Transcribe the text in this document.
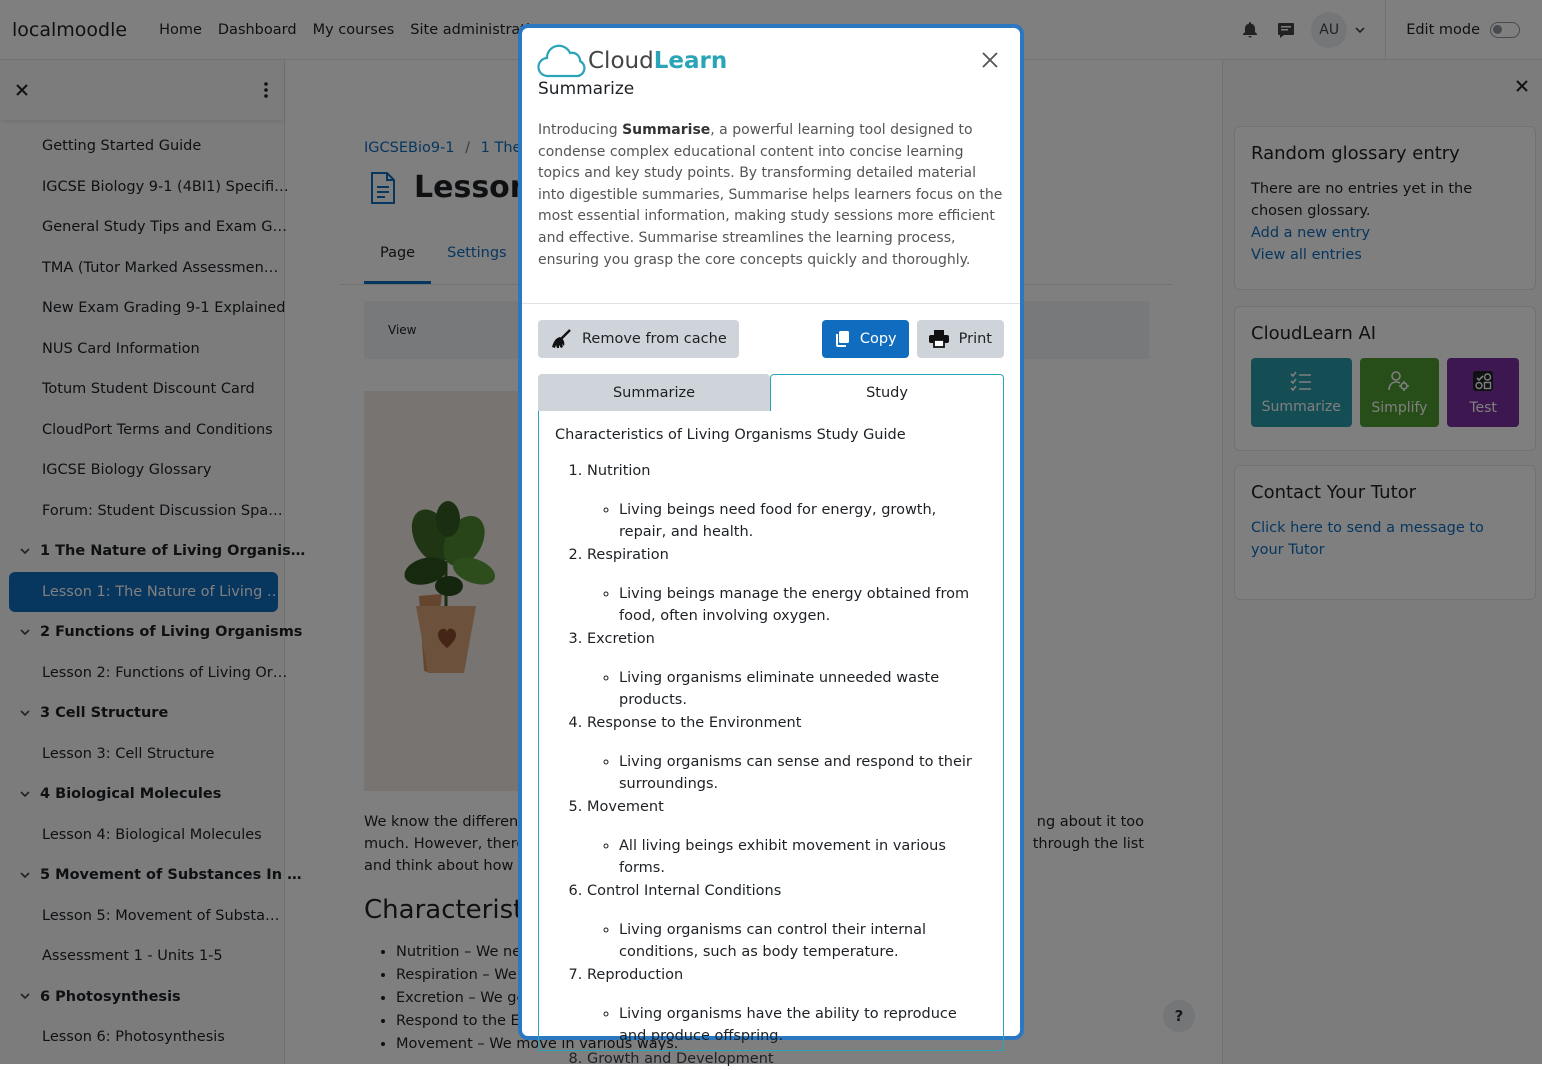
•
•
•
•
•

CloudLearn
Summarize

Introducing Summarise, a powerful learning tool designed to condense complex educational content into concise learning topics and key study points. By transforming detailed material into digestible summaries, Summarise helps learners focus on the most essential information, making study sessions more efficient and effective. Summarise streamlines the learning process, ensuring you grasp the core concepts quickly and thoroughly.

Remove from cache	Copy	Print
Summarize	Study
Characteristics of Living Organisms Study Guide
1. Nutrition
◦ Living beings need food for energy, growth, repair, and health.
2. Respiration
◦ Living beings manage the energy obtained from food, often involving oxygen.
3. Excretion
◦ Living organisms eliminate unneeded waste products.
4. Response to the Environment
◦ Living organisms can sense and respond to their surroundings.
5. Movement
◦ All living beings exhibit movement in various forms.
6. Control Internal Conditions
◦ Living organisms can control their internal conditions, such as body temperature.
7. Reproduction
◦ Living organisms have the ability to reproduce and produce offspring.
8. Growth and Development
